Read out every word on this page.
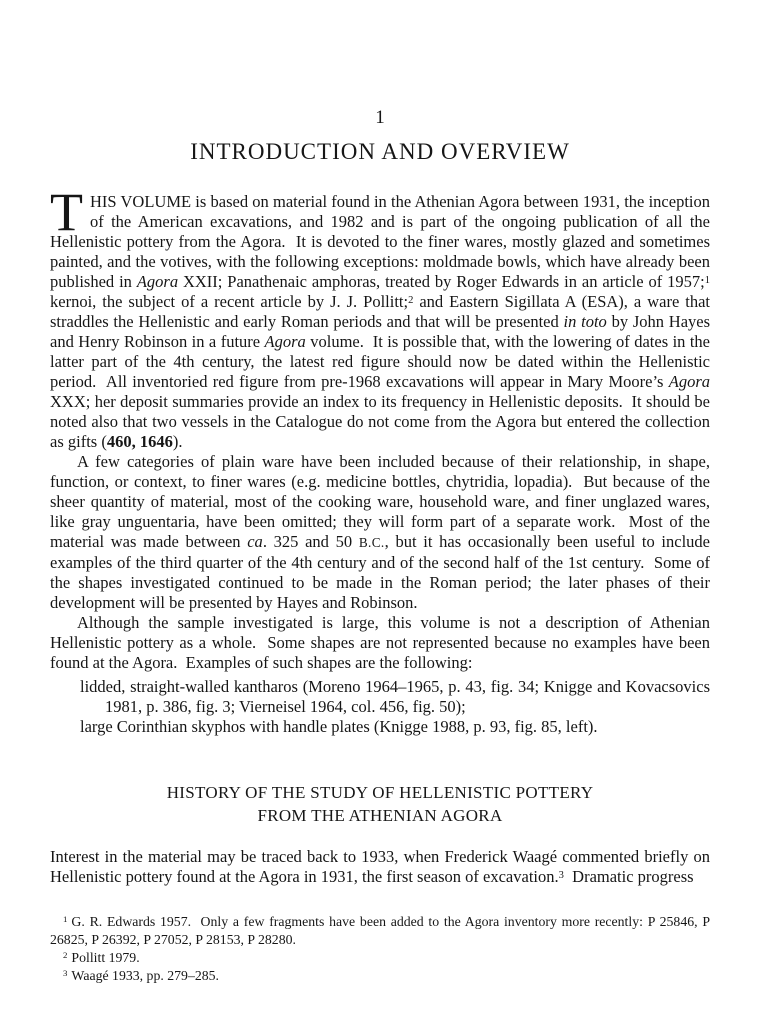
1
INTRODUCTION AND OVERVIEW

THIS VOLUME is based on material found in the Athenian Agora between 1931, the inception of the American excavations, and 1982 and is part of the ongoing publication of all the Hellenistic pottery from the Agora.  It is devoted to the finer wares, mostly glazed and sometimes painted, and the votives, with the following exceptions: moldmade bowls, which have already been published in Agora XXII; Panathenaic amphoras, treated by Roger Edwards in an article of 1957;$^1$ kernoi, the subject of a recent article by J. J. Pollitt;$^2$ and Eastern Sigillata A (ESA), a ware that straddles the Hellenistic and early Roman periods and that will be presented in toto by John Hayes and Henry Robinson in a future Agora volume.  It is possible that, with the lowering of dates in the latter part of the 4th century, the latest red figure should now be dated within the Hellenistic period.  All inventoried red figure from pre-1968 excavations will appear in Mary Moore’s Agora XXX; her deposit summaries provide an index to its frequency in Hellenistic deposits.  It should be noted also that two vessels in the Catalogue do not come from the Agora but entered the collection as gifts (460, 1646).

A few categories of plain ware have been included because of their relationship, in shape, function, or context, to finer wares (e.g. medicine bottles, chytridia, lopadia).  But because of the sheer quantity of material, most of the cooking ware, household ware, and finer unglazed wares, like gray unguentaria, have been omitted; they will form part of a separate work.  Most of the material was made between ca. 325 and 50 B.C., but it has occasionally been useful to include examples of the third quarter of the 4th century and of the second half of the 1st century.  Some of the shapes investigated continued to be made in the Roman period; the later phases of their development will be presented by Hayes and Robinson.

Although the sample investigated is large, this volume is not a description of Athenian Hellenistic pottery as a whole.  Some shapes are not represented because no examples have been found at the Agora.  Examples of such shapes are the following:

lidded, straight-walled kantharos (Moreno 1964–1965, p. 43, fig. 34; Knigge and Kovacsovics 1981, p. 386, fig. 3; Vierneisel 1964, col. 456, fig. 50);
large Corinthian skyphos with handle plates (Knigge 1988, p. 93, fig. 85, left).
HISTORY OF THE STUDY OF HELLENISTIC POTTERY
FROM THE ATHENIAN AGORA

Interest in the material may be traced back to 1933, when Frederick Waagé commented briefly on Hellenistic pottery found at the Agora in 1931, the first season of excavation.$^3$  Dramatic progress

$^1$ G. R. Edwards 1957.  Only a few fragments have been added to the Agora inventory more recently: P 25846, P 26825, P 26392, P 27052, P 28153, P 28280.

$^2$ Pollitt 1979.

$^3$ Waagé 1933, pp. 279–285.
